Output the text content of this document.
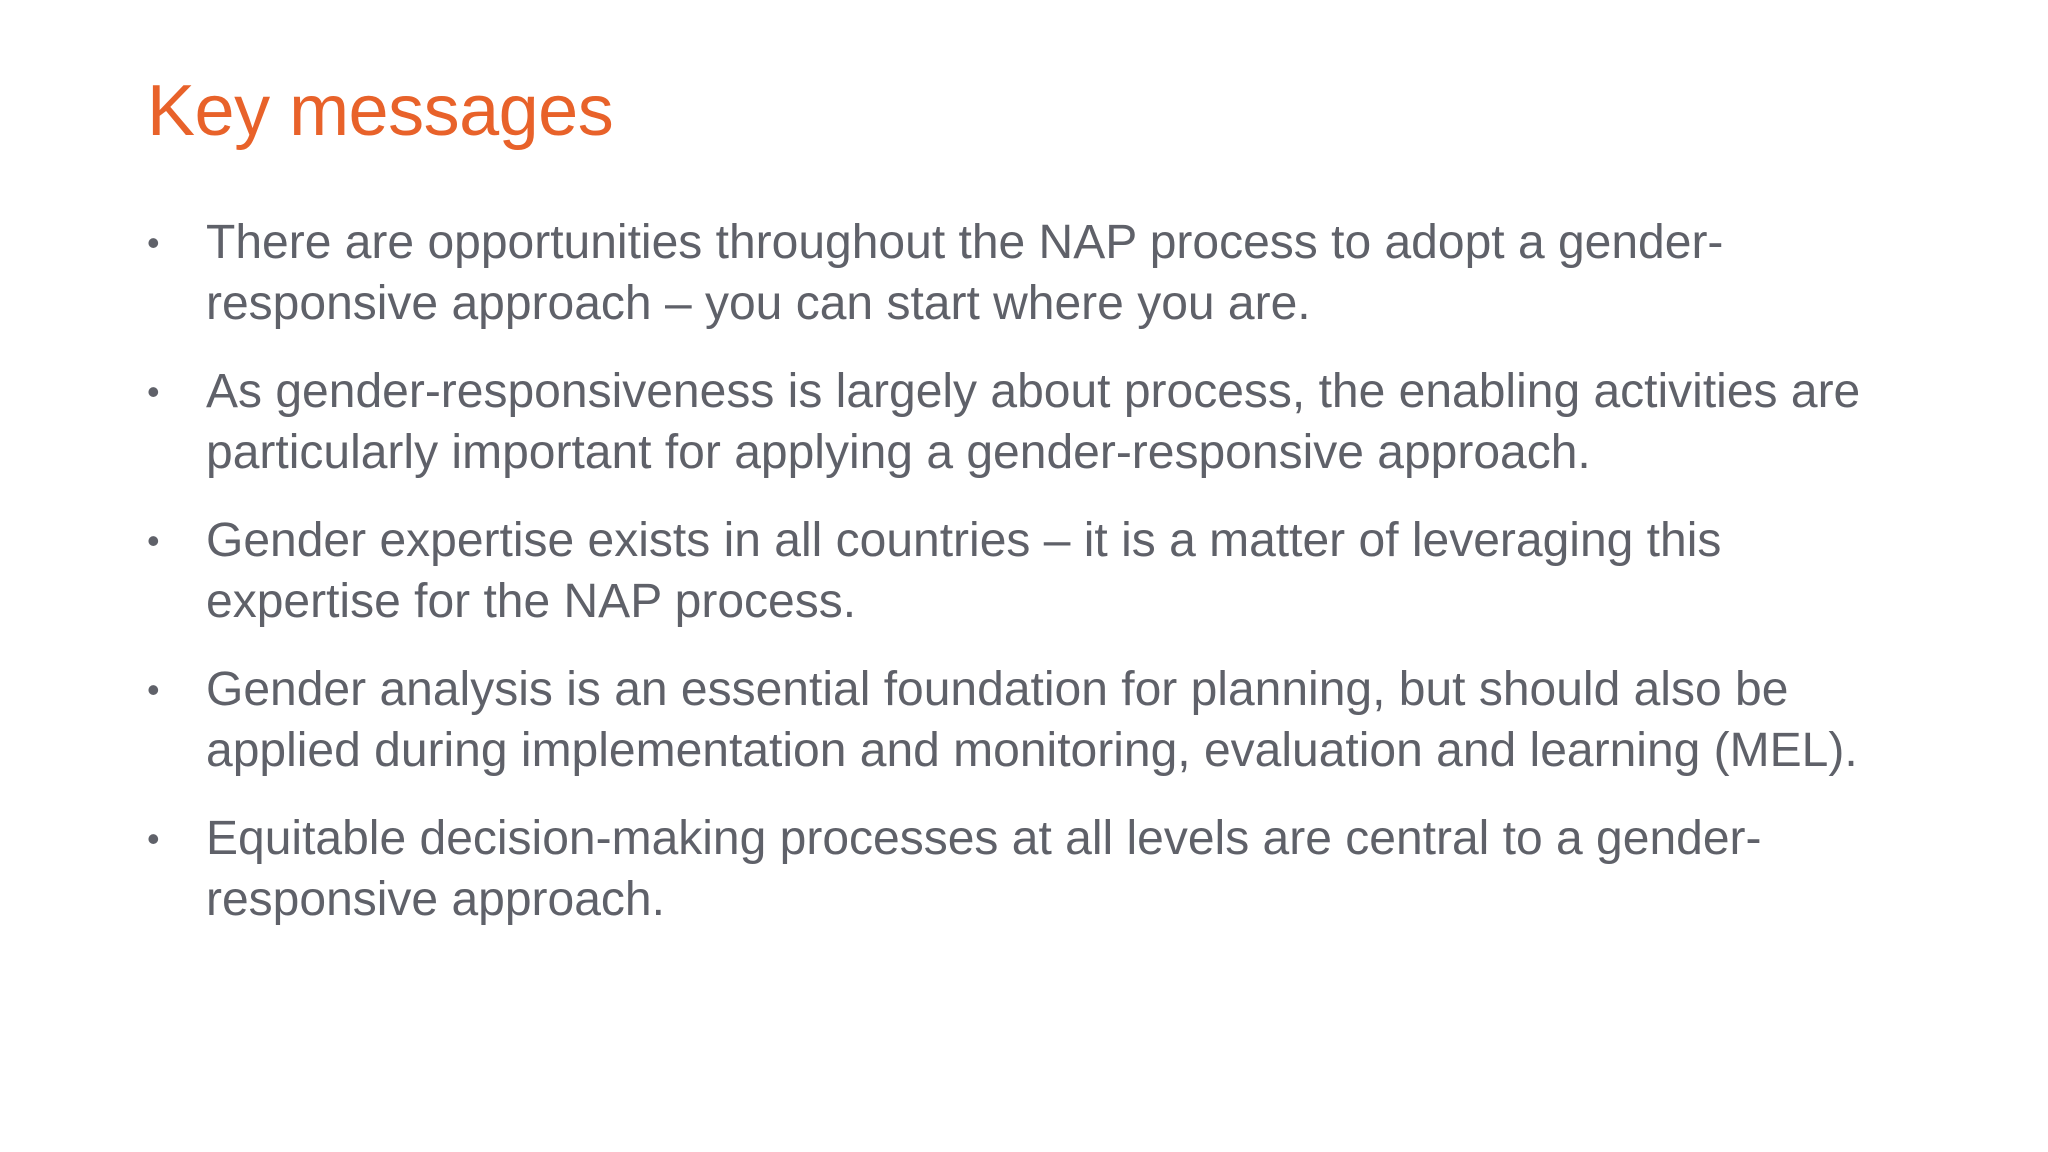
Key messages
• There are opportunities throughout the NAP process to adopt a gender-responsive approach – you can start where you are.
• As gender-responsiveness is largely about process, the enabling activities are particularly important for applying a gender-responsive approach.
• Gender expertise exists in all countries – it is a matter of leveraging this expertise for the NAP process.
• Gender analysis is an essential foundation for planning, but should also be applied during implementation and monitoring, evaluation and learning (MEL).
• Equitable decision-making processes at all levels are central to a gender-responsive approach.
